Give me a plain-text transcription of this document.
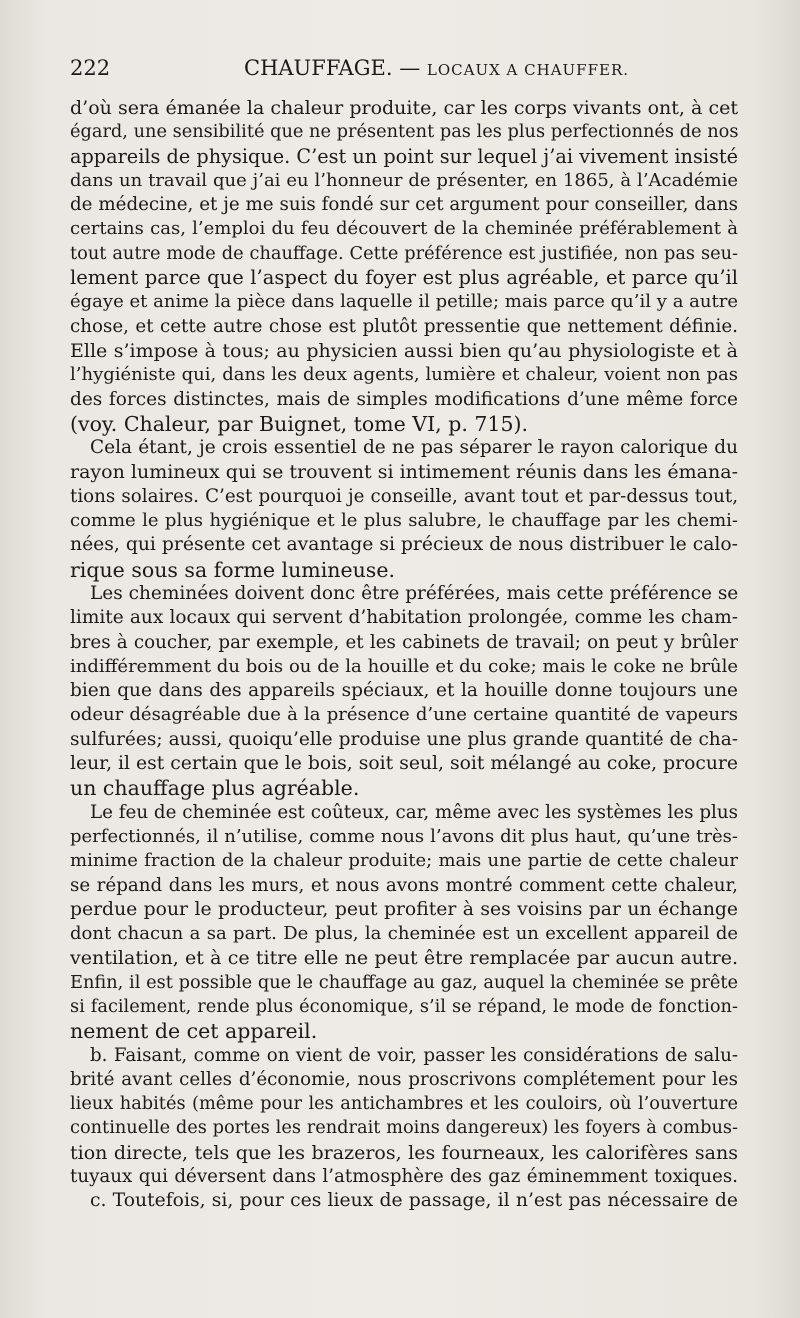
222	CHAUFFAGE. — LOCAUX A CHAUFFER.
d’où sera émanée la chaleur produite, car les corps vivants ont, à cet
égard, une sensibilité que ne présentent pas les plus perfectionnés de nos
appareils de physique. C’est un point sur lequel j’ai vivement insisté
dans un travail que j’ai eu l’honneur de présenter, en 1865, à l’Académie
de médecine, et je me suis fondé sur cet argument pour conseiller, dans
certains cas, l’emploi du feu découvert de la cheminée préférablement à
tout autre mode de chauffage. Cette préférence est justifiée, non pas seu-
lement parce que l’aspect du foyer est plus agréable, et parce qu’il
égaye et anime la pièce dans laquelle il petille; mais parce qu’il y a autre
chose, et cette autre chose est plutôt pressentie que nettement définie.
Elle s’impose à tous; au physicien aussi bien qu’au physiologiste et à
l’hygiéniste qui, dans les deux agents, lumière et chaleur, voient non pas
des forces distinctes, mais de simples modifications d’une même force
(voy. Chaleur, par Buignet, tome VI, p. 715).
Cela étant, je crois essentiel de ne pas séparer le rayon calorique du
rayon lumineux qui se trouvent si intimement réunis dans les émana-
tions solaires. C’est pourquoi je conseille, avant tout et par-dessus tout,
comme le plus hygiénique et le plus salubre, le chauffage par les chemi-
nées, qui présente cet avantage si précieux de nous distribuer le calo-
rique sous sa forme lumineuse.
Les cheminées doivent donc être préférées, mais cette préférence se
limite aux locaux qui servent d’habitation prolongée, comme les cham-
bres à coucher, par exemple, et les cabinets de travail; on peut y brûler
indifféremment du bois ou de la houille et du coke; mais le coke ne brûle
bien que dans des appareils spéciaux, et la houille donne toujours une
odeur désagréable due à la présence d’une certaine quantité de vapeurs
sulfurées; aussi, quoiqu’elle produise une plus grande quantité de cha-
leur, il est certain que le bois, soit seul, soit mélangé au coke, procure
un chauffage plus agréable.
Le feu de cheminée est coûteux, car, même avec les systèmes les plus
perfectionnés, il n’utilise, comme nous l’avons dit plus haut, qu’une très-
minime fraction de la chaleur produite; mais une partie de cette chaleur
se répand dans les murs, et nous avons montré comment cette chaleur,
perdue pour le producteur, peut profiter à ses voisins par un échange
dont chacun a sa part. De plus, la cheminée est un excellent appareil de
ventilation, et à ce titre elle ne peut être remplacée par aucun autre.
Enfin, il est possible que le chauffage au gaz, auquel la cheminée se prête
si facilement, rende plus économique, s’il se répand, le mode de fonction-
nement de cet appareil.
b. Faisant, comme on vient de voir, passer les considérations de salu-
brité avant celles d’économie, nous proscrivons complétement pour les
lieux habités (même pour les antichambres et les couloirs, où l’ouverture
continuelle des portes les rendrait moins dangereux) les foyers à combus-
tion directe, tels que les brazeros, les fourneaux, les calorifères sans
tuyaux qui déversent dans l’atmosphère des gaz éminemment toxiques.
c. Toutefois, si, pour ces lieux de passage, il n’est pas nécessaire de
